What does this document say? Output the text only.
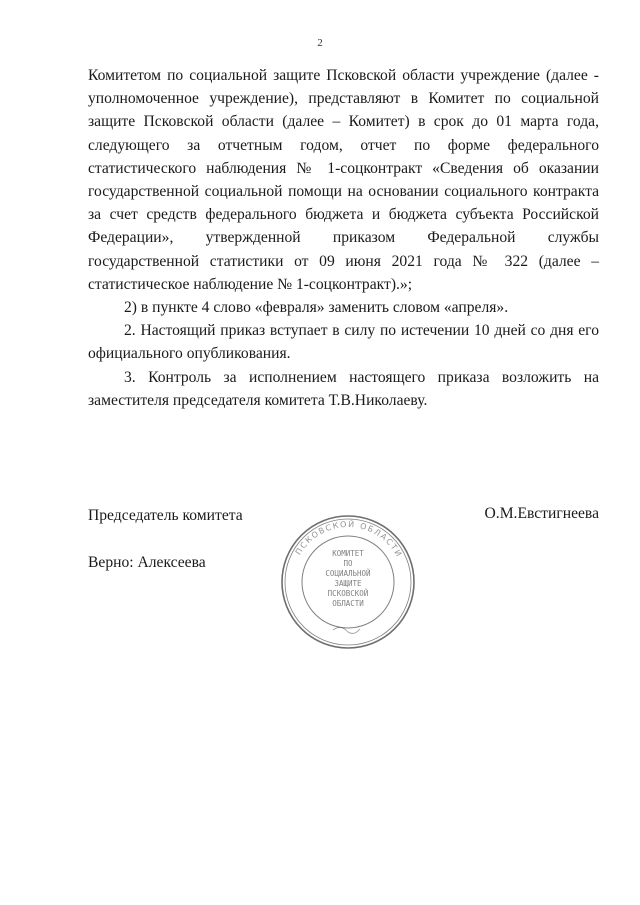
2

Комитетом по социальной защите Псковской области учреждение (далее - уполномоченное учреждение), представляют в Комитет по социальной защите Псковской области (далее – Комитет) в срок до 01 марта года, следующего за отчетным годом, отчет по форме федерального статистического наблюдения № 1-соцконтракт «Сведения об оказании государственной социальной помощи на основании социального контракта за счет средств федерального бюджета и бюджета субъекта Российской Федерации», утвержденной приказом Федеральной службы государственной статистики от 09 июня 2021 года № 322 (далее – статистическое наблюдение № 1-соцконтракт).»;

2) в пункте 4 слово «февраля» заменить словом «апреля».

2. Настоящий приказ вступает в силу по истечении 10 дней со дня его официального опубликования.

3. Контроль за исполнением настоящего приказа возложить на заместителя председателя комитета Т.В.Николаеву.

Председатель комитета	О.М.Евстигнеева
Верно: Алексеева
ПСКОВСКОЙ ОБЛАСТИ
КОМИТЕТ
ПО
СОЦИАЛЬНОЙ
ЗАЩИТЕ
ПСКОВСКОЙ
ОБЛАСТИ
